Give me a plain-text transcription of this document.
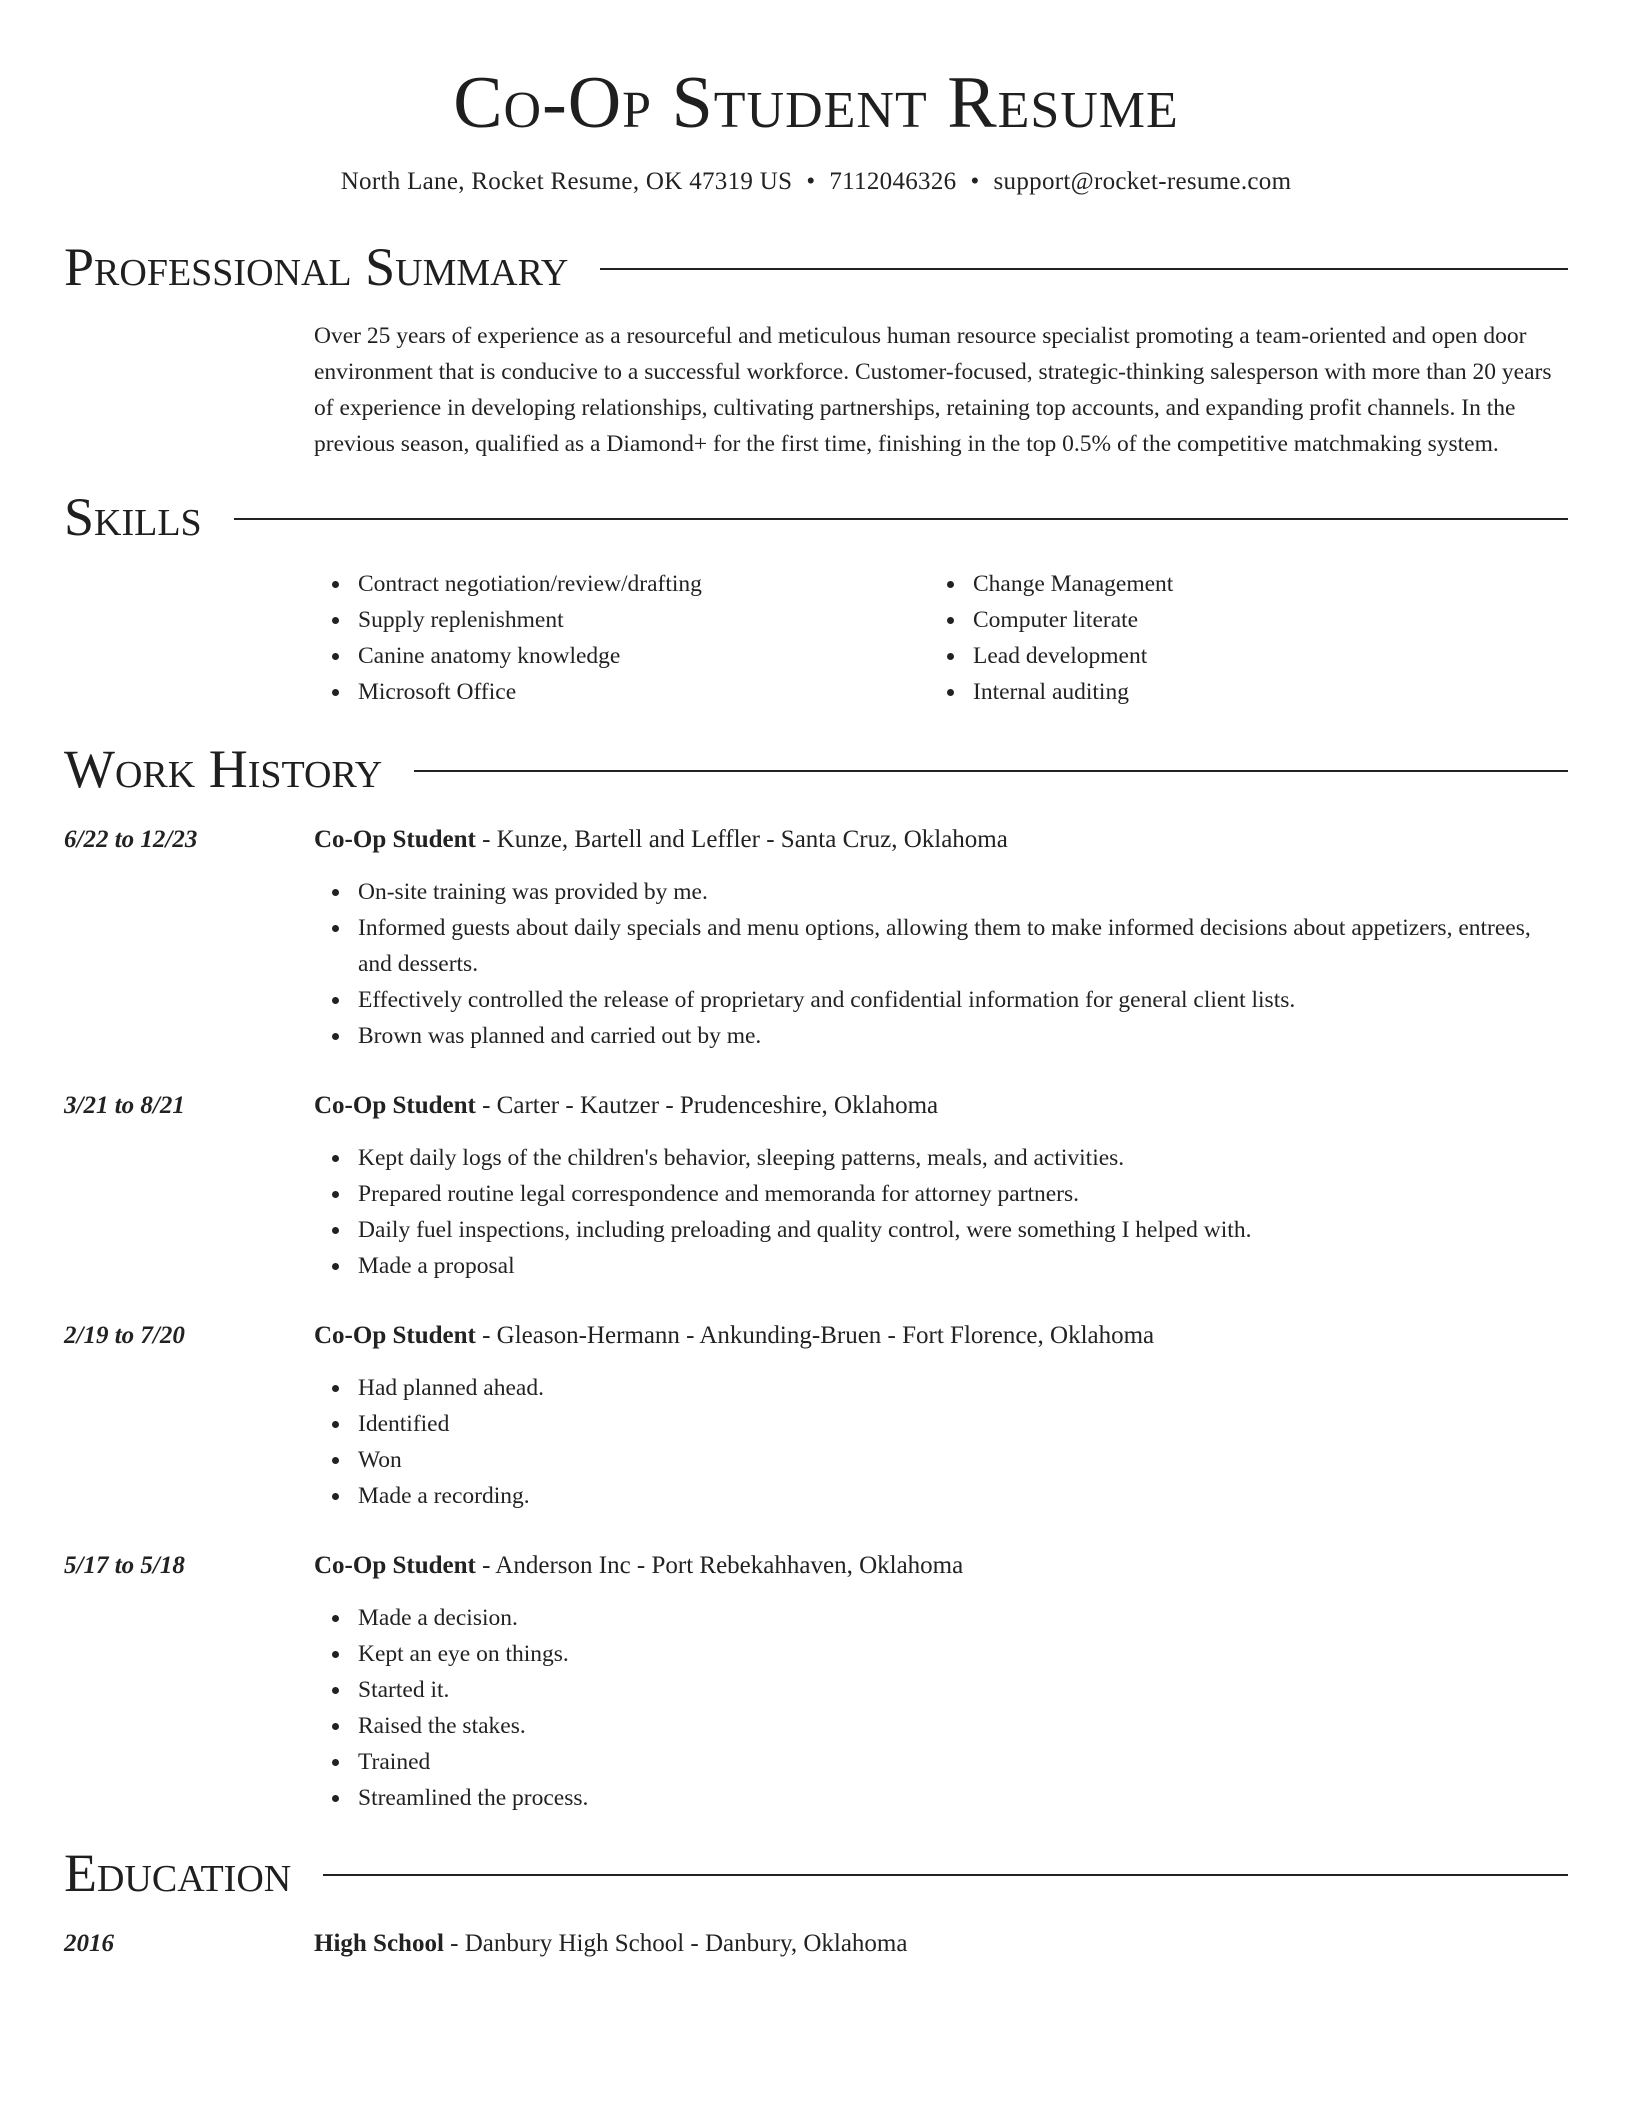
Co-Op Student Resume
North Lane, Rocket Resume, OK 47319 US • 7112046326 • support@rocket-resume.com
Professional Summary

Over 25 years of experience as a resourceful and meticulous human resource specialist promoting a team-oriented and open door environment that is conducive to a successful workforce. Customer-focused, strategic-thinking salesperson with more than 20 years of experience in developing relationships, cultivating partnerships, retaining top accounts, and expanding profit channels. In the previous season, qualified as a Diamond+ for the first time, finishing in the top 0.5% of the competitive matchmaking system.

Skills
Contract negotiation/review/drafting
Supply replenishment
Canine anatomy knowledge
Microsoft Office
Change Management
Computer literate
Lead development
Internal auditing
Work History
6/22 to 12/23	Co-Op Student - Kunze, Bartell and Leffler - Santa Cruz, Oklahoma
On-site training was provided by me.
Informed guests about daily specials and menu options, allowing them to make informed decisions about appetizers, entrees, and desserts.
Effectively controlled the release of proprietary and confidential information for general client lists.
Brown was planned and carried out by me.
3/21 to 8/21	Co-Op Student - Carter - Kautzer - Prudenceshire, Oklahoma
Kept daily logs of the children's behavior, sleeping patterns, meals, and activities.
Prepared routine legal correspondence and memoranda for attorney partners.
Daily fuel inspections, including preloading and quality control, were something I helped with.
Made a proposal
2/19 to 7/20	Co-Op Student - Gleason-Hermann - Ankunding-Bruen - Fort Florence, Oklahoma
Had planned ahead.
Identified
Won
Made a recording.
5/17 to 5/18	Co-Op Student - Anderson Inc - Port Rebekahhaven, Oklahoma
Made a decision.
Kept an eye on things.
Started it.
Raised the stakes.
Trained
Streamlined the process.
Education
2016	High School - Danbury High School - Danbury, Oklahoma
